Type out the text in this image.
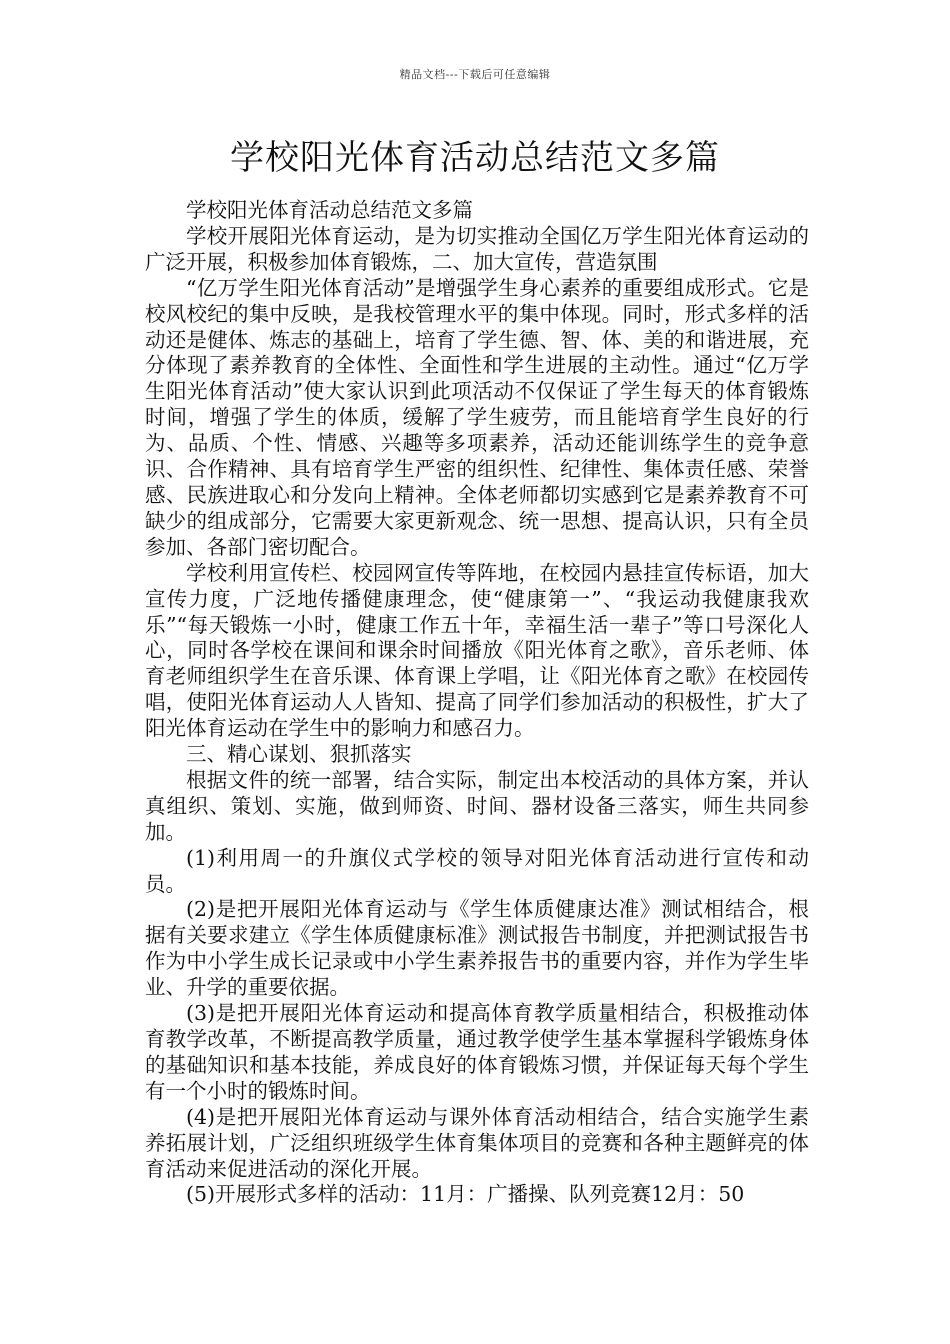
精品文档---下载后可任意编辑
学校阳光体育活动总结范文多篇

学校阳光体育活动总结范文多篇

学校开展阳光体育运动，是为切实推动全国亿万学生阳光体育运动的广泛开展，积极参加体育锻炼，二、加大宣传，营造氛围

“亿万学生阳光体育活动”是增强学生身心素养的重要组成形式。它是校风校纪的集中反映，是我校管理水平的集中体现。同时，形式多样的活动还是健体、炼志的基础上，培育了学生德、智、体、美的和谐进展，充分体现了素养教育的全体性、全面性和学生进展的主动性。通过“亿万学生阳光体育活动”使大家认识到此项活动不仅保证了学生每天的体育锻炼时间，增强了学生的体质，缓解了学生疲劳，而且能培育学生良好的行为、品质、个性、情感、兴趣等多项素养，活动还能训练学生的竞争意识、合作精神、具有培育学生严密的组织性、纪律性、集体责任感、荣誉感、民族进取心和分发向上精神。全体老师都切实感到它是素养教育不可缺少的组成部分，它需要大家更新观念、统一思想、提高认识，只有全员参加、各部门密切配合。

学校利用宣传栏、校园网宣传等阵地，在校园内悬挂宣传标语，加大宣传力度，广泛地传播健康理念，使“健康第一”、“我运动我健康我欢乐”“每天锻炼一小时，健康工作五十年，幸福生活一辈子”等口号深化人心，同时各学校在课间和课余时间播放《阳光体育之歌》，音乐老师、体育老师组织学生在音乐课、体育课上学唱，让《阳光体育之歌》在校园传唱，使阳光体育运动人人皆知、提高了同学们参加活动的积极性，扩大了阳光体育运动在学生中的影响力和感召力。

三、精心谋划、狠抓落实

根据文件的统一部署，结合实际，制定出本校活动的具体方案，并认真组织、策划、实施，做到师资、时间、器材设备三落实，师生共同参加。

(1)利用周一的升旗仪式学校的领导对阳光体育活动进行宣传和动员。

(2)是把开展阳光体育运动与《学生体质健康达准》测试相结合，根据有关要求建立《学生体质健康标准》测试报告书制度，并把测试报告书作为中小学生成长记录或中小学生素养报告书的重要内容，并作为学生毕业、升学的重要依据。

(3)是把开展阳光体育运动和提高体育教学质量相结合，积极推动体育教学改革，不断提高教学质量，通过教学使学生基本掌握科学锻炼身体的基础知识和基本技能，养成良好的体育锻炼习惯，并保证每天每个学生有一个小时的锻炼时间。

(4)是把开展阳光体育运动与课外体育活动相结合，结合实施学生素养拓展计划，广泛组织班级学生体育集体项目的竞赛和各种主题鲜亮的体育活动来促进活动的深化开展。

(5)开展形式多样的活动：11月：广播操、队列竞赛12月：50
